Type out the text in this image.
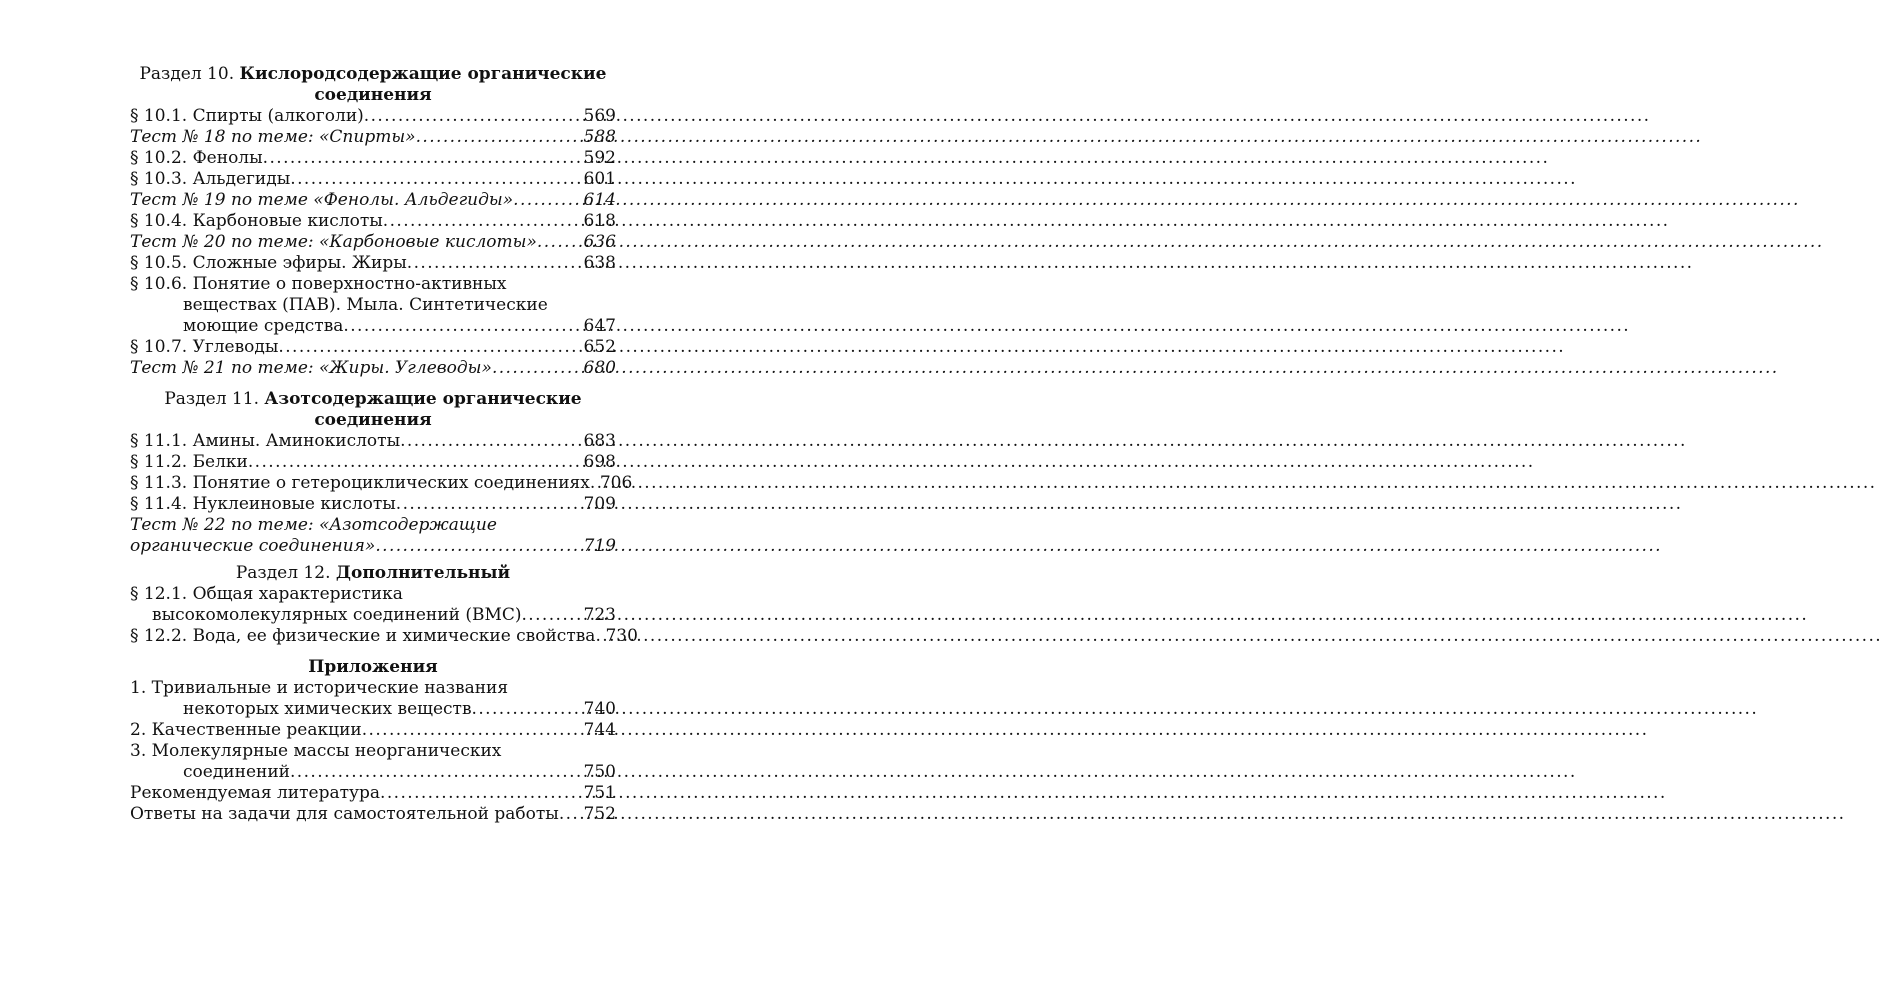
Раздел 10. Кислородсодержащие органические
соединения
§ 10.1. Спирты (алкоголи) . . .	569
Тест № 18 по теме: «Спирты» . . .	588
§ 10.2. Фенолы . . .	592
§ 10.3. Альдегиды . . .	601
Тест № 19 по теме «Фенолы. Альдегиды» . . .	614
§ 10.4. Карбоновые кислоты . . .	618
Тест № 20 по теме: «Карбоновые кислоты» . . .	636
§ 10.5. Сложные эфиры. Жиры . . .	638
§ 10.6. Понятие о поверхностно-активных
веществах (ПАВ). Мыла. Синтетические
моющие средства . . .	647
§ 10.7. Углеводы . . .	652
Тест № 21 по теме: «Жиры. Углеводы» . . .	680
Раздел 11. Азотсодержащие органические
соединения
§ 11.1. Амины. Аминокислоты . . .	683
§ 11.2. Белки . . .	698
§ 11.3. Понятие о гетероциклических соединениях . . . 706
§ 11.4. Нуклеиновые кислоты . . .	709
Тест № 22 по теме: «Азотсодержащие
органические соединения» . . .	719
Раздел 12. Дополнительный
§ 12.1. Общая характеристика
высокомолекулярных соединений (ВМС) . . .	723
§ 12.2. Вода, ее физические и химические свойства . . . 730
Приложения
1. Тривиальные и исторические названия
некоторых химических веществ . . .	740
2. Качественные реакции . . .	744
3. Молекулярные массы неорганических
соединений . . .	750
Рекомендуемая литература . . .	751
Ответы на задачи для самостоятельной работы . . . 752
